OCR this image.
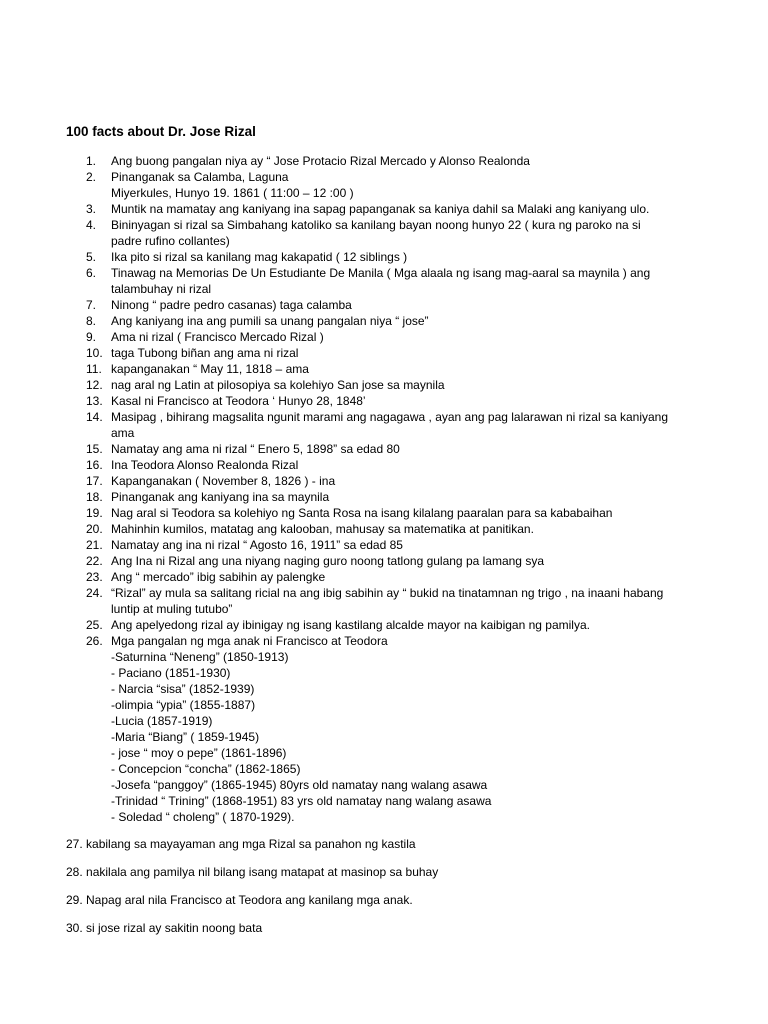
100 facts about Dr. Jose Rizal
1.	Ang buong pangalan niya ay “ Jose Protacio Rizal Mercado y Alonso Realonda
2.	Pinanganak sa Calamba, Laguna
Miyerkules, Hunyo 19. 1861 ( 11:00 – 12 :00 )
3.	Muntik na mamatay ang kaniyang ina sapag papanganak sa kaniya dahil sa Malaki ang kaniyang ulo.
4.	Bininyagan si rizal sa Simbahang katoliko sa kanilang bayan noong hunyo 22 ( kura ng paroko na si
padre rufino collantes)
5.	Ika pito si rizal sa kanilang mag kakapatid ( 12 siblings )
6.	Tinawag na Memorias De Un Estudiante De Manila ( Mga alaala ng isang mag-aaral sa maynila ) ang
talambuhay ni rizal
7.	Ninong “ padre pedro casanas) taga calamba
8.	Ang kaniyang ina ang pumili sa unang pangalan niya “ jose”
9.	Ama ni rizal ( Francisco Mercado Rizal )
10. taga Tubong biñan ang ama ni rizal
11. kapanganakan “ May 11, 1818 – ama
12. nag aral ng Latin at pilosopiya sa kolehiyo San jose sa maynila
13. Kasal ni Francisco at Teodora ‘ Hunyo 28, 1848’
14. Masipag , bihirang magsalita ngunit marami ang nagagawa , ayan ang pag lalarawan ni rizal sa kaniyang
ama
15. Namatay ang ama ni rizal “ Enero 5, 1898” sa edad 80
16. Ina Teodora Alonso Realonda Rizal
17. Kapanganakan ( November 8, 1826 ) - ina
18. Pinanganak ang kaniyang ina sa maynila
19. Nag aral si Teodora sa kolehiyo ng Santa Rosa na isang kilalang paaralan para sa kababaihan
20. Mahinhin kumilos, matatag ang kalooban, mahusay sa matematika at panitikan.
21. Namatay ang ina ni rizal “ Agosto 16, 1911” sa edad 85
22. Ang Ina ni Rizal ang una niyang naging guro noong tatlong gulang pa lamang sya
23. Ang “ mercado” ibig sabihin ay palengke
24. “Rizal” ay mula sa salitang ricial na ang ibig sabihin ay “ bukid na tinatamnan ng trigo , na inaani habang
luntip at muling tutubo”
25. Ang apelyedong rizal ay ibinigay ng isang kastilang alcalde mayor na kaibigan ng pamilya.
26. Mga pangalan ng mga anak ni Francisco at Teodora
-Saturnina “Neneng” (1850-1913)
- Paciano (1851-1930)
- Narcia “sisa” (1852-1939)
-olimpia “ypia” (1855-1887)
-Lucia (1857-1919)
-Maria “Biang” ( 1859-1945)
- jose “ moy o pepe” (1861-1896)
- Concepcion “concha” (1862-1865)
-Josefa “panggoy” (1865-1945) 80yrs old namatay nang walang asawa
-Trinidad “ Trining” (1868-1951) 83 yrs old namatay nang walang asawa
- Soledad “ choleng” ( 1870-1929).
27. kabilang sa mayayaman ang mga Rizal sa panahon ng kastila
28. nakilala ang pamilya nil bilang isang matapat at masinop sa buhay
29. Napag aral nila Francisco at Teodora ang kanilang mga anak.
30. si jose rizal ay sakitin noong bata
